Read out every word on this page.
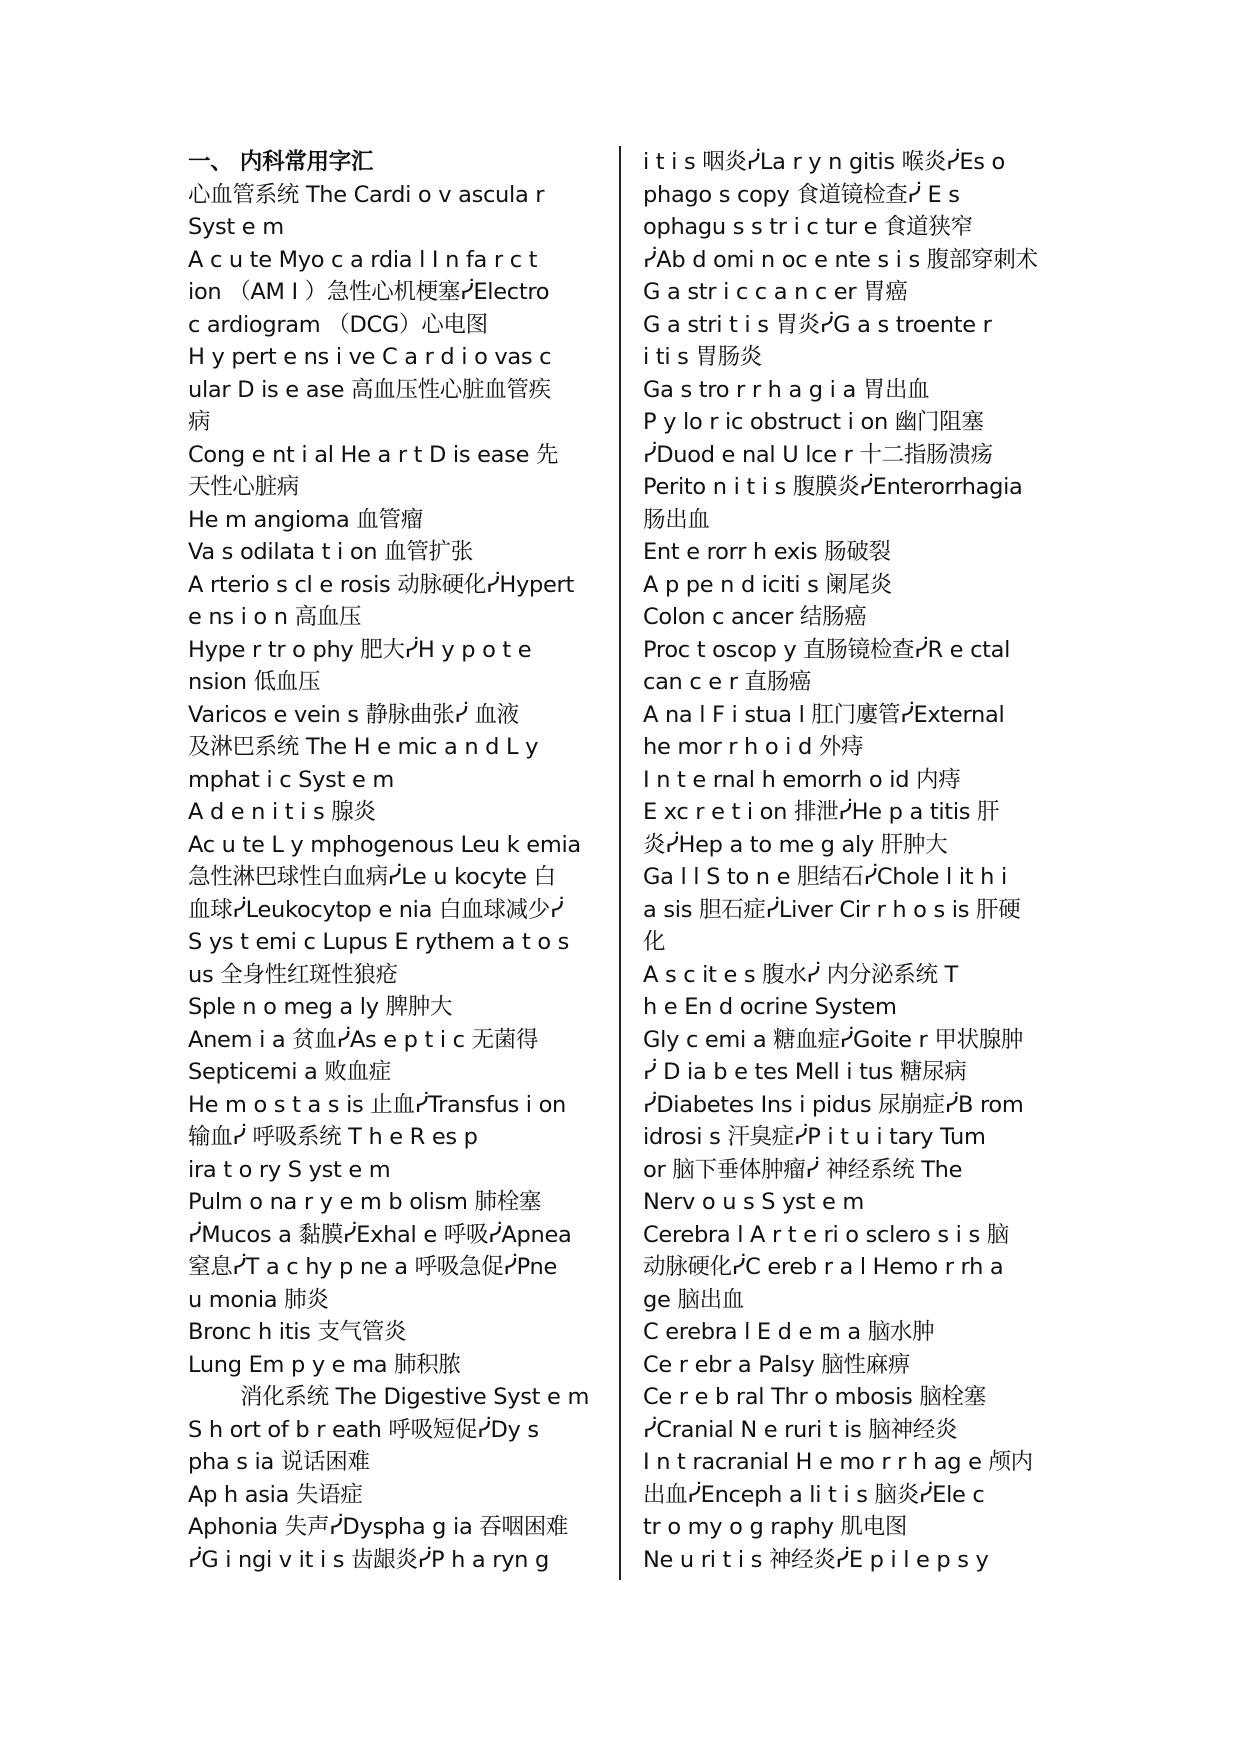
一、 内科常用字汇
心血管系统 The Cardi o v ascula r
Syst e m
A c u te Myo c a rdia l I n fa r c t
ion （AM I ）急性心机梗塞ᓰElectro
c ardiogram （DCG）心电图
H y pert e ns i ve C a r d i o vas c
ular D is e ase 高血压性心脏血管疾
病
Cong e nt i al He a r t D is ease 先
天性心脏病
He m angioma 血管瘤
Va s odilata t i on 血管扩张
A rterio s cl e rosis 动脉硬化ᓰHypert
e ns i o n 高血压
Hype r tr o phy 肥大ᓰH y p o t e
nsion 低血压
Varicos e vein s 静脉曲张ᓰ 血液
及淋巴系统 The H e mic a n d L y
mphat i c Syst e m
A d e n i t i s 腺炎
Ac u te L y mphogenous Leu k emia
急性淋巴球性白血病ᓰLe u kocyte 白
血球ᓰLeukocytop e nia 白血球减少ᓰ
S ys t emi c Lupus E rythem a t o s
us 全身性红斑性狼疮
Sple n o meg a ly 脾肿大
Anem i a 贫血ᓰAs e p t i c 无菌得
Septicemi a 败血症
He m o s t a s is 止血ᓰTransfus i on
输血ᓰ 呼吸系统 T h e R es p
ira t o ry S yst e m
Pulm o na r y e m b olism 肺栓塞
ᓰMucos a 黏膜ᓰExhal e 呼吸ᓰApnea
窒息ᓰT a c hy p ne a 呼吸急促ᓰPne
u monia 肺炎
Bronc h itis 支气管炎
Lung Em p y e ma 肺积脓
消化系统 The Digestive Syst e m
S h ort of b r eath 呼吸短促ᓰDy s
pha s ia 说话困难
Ap h asia 失语症
Aphonia 失声ᓰDyspha g ia 吞咽困难
ᓰG i ngi v it i s 齿龈炎ᓰP h a ryn g
i t i s 咽炎ᓰLa r y n gitis 喉炎ᓰEs o
phago s copy 食道镜检查ᓰ E s
ophagu s s tr i c tur e 食道狭窄
ᓰAb d omi n oc e nte s i s 腹部穿刺术
G a str i c c a n c er 胃癌
G a stri t i s 胃炎ᓰG a s troente r
i ti s 胃肠炎
Ga s tro r r h a g i a 胃出血
P y lo r ic obstruct i on 幽门阻塞
ᓰDuod e nal U lce r 十二指肠溃疡
Perito n i t i s 腹膜炎ᓰEnterorrhagia
肠出血
Ent e rorr h exis 肠破裂
A p pe n d iciti s 阑尾炎
Colon c ancer 结肠癌
Proc t oscop y 直肠镜检查ᓰR e ctal
can c e r 直肠癌
A na l F i stua l 肛门廔管ᓰExternal
he mor r h o i d 外痔
I n t e rnal h emorrh o id 内痔
E xc r e t i on 排泄ᓰHe p a titis 肝
炎ᓰHep a to me g aly 肝肿大
Ga l l S to n e 胆结石ᓰChole l it h i
a sis 胆石症ᓰLiver Cir r h o s is 肝硬
化
A s c it e s 腹水ᓰ 内分泌系统 T
h e En d ocrine System
Gly c emi a 糖血症ᓰGoite r 甲状腺肿
ᓰ D ia b e tes Mell i tus 糖尿病
ᓰDiabetes Ins i pidus 尿崩症ᓰB rom
idrosi s 汗臭症ᓰP i t u i tary Tum
or 脑下垂体肿瘤ᓰ 神经系统 The
Nerv o u s S yst e m
Cerebra l A r t e ri o sclero s i s 脑
动脉硬化ᓰC ereb r a l Hemo r rh a
ge 脑出血
C erebra l E d e m a 脑水肿
Ce r ebr a Palsy 脑性麻痹
Ce r e b ral Thr o mbosis 脑栓塞
ᓰCranial N e ruri t is 脑神经炎
I n t racranial H e mo r r h ag e 颅内
出血ᓰEnceph a li t i s 脑炎ᓰEle c
tr o my o g raphy 肌电图
Ne u ri t i s 神经炎ᓰE p i l e p s y
